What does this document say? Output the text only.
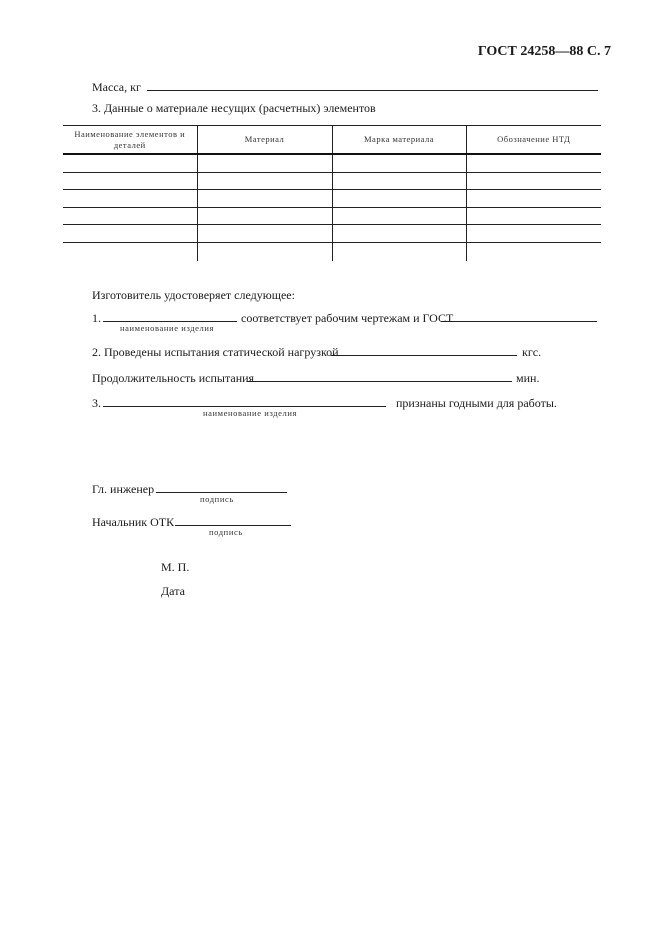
ГОСТ 24258—88 С. 7
Масса, кг
3. Данные о материале несущих (расчетных) элементов
Наименование элементов и деталей	Материал	Марка материала	Обозначение НТД

Изготовитель удостоверяет следующее:
1.	соответствует рабочим чертежам и ГОСТ
наименование изделия
2. Проведены испытания статической нагрузкой	кгс.
Продолжительность испытания	мин.
3.	признаны годными для работы.
наименование изделия
Гл. инженер
подпись
Начальник ОТК
подпись
М. П.
Дата
